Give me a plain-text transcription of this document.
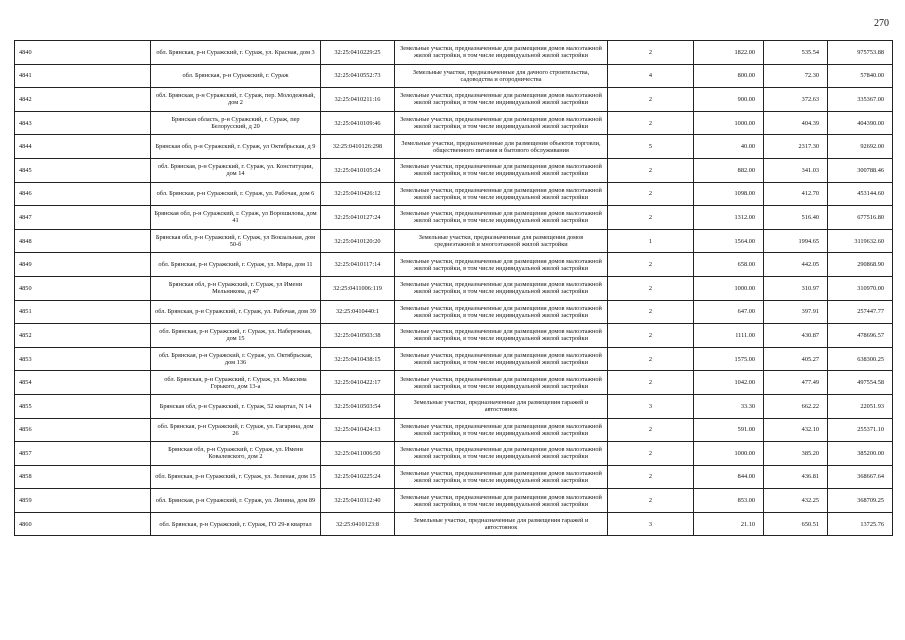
270
4840	обл. Брянская, р-н Суражский, г. Сураж, ул. Красная, дом 3	32:25:0410229:25	Земельные участки, предназначенные для размещения домов малоэтажной жилой застройки, в том числе индивидуальной жилой застройки	2	1822.00	535.54	975753.88
4841	обл. Брянская, р-н Суражский, г. Сураж	32:25:0410552:73	Земельные участки, предназначенные для дачного строительства, садоводства и огородничества	4	800.00	72.30	57840.00
4842	обл. Брянская, р-н Суражский, г. Сураж, пер. Молодежный, дом 2	32:25:0410211:16	Земельные участки, предназначенные для размещения домов малоэтажной жилой застройки, в том числе индивидуальной жилой застройки	2	900.00	372.63	335367.00
4843	Брянская область, р-н Суражский, г. Сураж, пер Белорусский, д 20	32:25:0410109:46	Земельные участки, предназначенные для размещения домов малоэтажной жилой застройки, в том числе индивидуальной жилой застройки	2	1000.00	404.39	404390.00
4844	Брянская обл, р-н Суражский, г. Сураж, ул Октябрьская, д 9	32:25:0410126:298	Земельные участки, предназначенные для размещения объектов торговли, общественного питания и бытового обслуживания	5	40.00	2317.30	92692.00
4845	обл. Брянская, р-н Суражский, г. Сураж, ул. Конституции, дом 14	32:25:0410105:24	Земельные участки, предназначенные для размещения домов малоэтажной жилой застройки, в том числе индивидуальной жилой застройки	2	882.00	341.03	300788.46
4846	обл. Брянская, р-н Суражский, г. Сураж, ул. Рабочая, дом 6	32:25:0410426:12	Земельные участки, предназначенные для размещения домов малоэтажной жилой застройки, в том числе индивидуальной жилой застройки	2	1098.00	412.70	453144.60
4847	Брянская обл, р-н Суражский, г. Сураж, ул Ворошилова, дом 41	32:25:0410127:24	Земельные участки, предназначенные для размещения домов малоэтажной жилой застройки, в том числе индивидуальной жилой застройки	2	1312.00	516.40	677516.80
4848	Брянская обл, р-н Суражский, г. Сураж, ул Вокзальная, дом 50-б	32:25:0410120:20	Земельные участки, предназначенные для размещения домов среднеэтажной и многоэтажной жилой застройки	1	1564.00	1994.65	3119632.60
4849	обл. Брянская, р-н Суражский, г. Сураж, ул. Мира, дом 11	32:25:0410117:14	Земельные участки, предназначенные для размещения домов малоэтажной жилой застройки, в том числе индивидуальной жилой застройки	2	658.00	442.05	290868.90
4850	Брянская обл, р-н Суражский, г. Сураж, ул Имени Мельникова, д 47	32:25:0411006:119	Земельные участки, предназначенные для размещения домов малоэтажной жилой застройки, в том числе индивидуальной жилой застройки	2	1000.00	310.97	310970.00
4851	обл. Брянская, р-н Суражский, г. Сураж, ул. Рабочая, дом 39	32:25:0410440:1	Земельные участки, предназначенные для размещения домов малоэтажной жилой застройки, в том числе индивидуальной жилой застройки	2	647.00	397.91	257447.77
4852	обл. Брянская, р-н Суражский, г. Сураж, ул. Набережная, дом 15	32:25:0410503:38	Земельные участки, предназначенные для размещения домов малоэтажной жилой застройки, в том числе индивидуальной жилой застройки	2	1111.00	430.87	478696.57
4853	обл. Брянская, р-н Суражский, г. Сураж, ул. Октябрьская, дом 136	32:25:0410438:15	Земельные участки, предназначенные для размещения домов малоэтажной жилой застройки, в том числе индивидуальной жилой застройки	2	1575.00	405.27	638300.25
4854	обл. Брянская, р-н Суражский, г. Сураж, ул. Максима Горького, дом 13-а	32:25:0410422:17	Земельные участки, предназначенные для размещения домов малоэтажной жилой застройки, в том числе индивидуальной жилой застройки	2	1042.00	477.49	497554.58
4855	Брянская обл, р-н Суражский, г. Сураж, 52 квартал, N 14	32:25:0410503:54	Земельные участки, предназначенные для размещения гаражей и автостоянок	3	33.30	662.22	22051.93
4856	обл. Брянская, р-н Суражский, г. Сураж, ул. Гагарина, дом 26	32:25:0410424:13	Земельные участки, предназначенные для размещения домов малоэтажной жилой застройки, в том числе индивидуальной жилой застройки	2	591.00	432.10	255371.10
4857	Брянская обл, р-н Суражский, г. Сураж, ул. Имени Ковалевского, дом 2	32:25:0411006:50	Земельные участки, предназначенные для размещения домов малоэтажной жилой застройки, в том числе индивидуальной жилой застройки	2	1000.00	385.20	385200.00
4858	обл. Брянская, р-н Суражский, г. Сураж, ул. Зеленая, дом 15	32:25:0410225:24	Земельные участки, предназначенные для размещения домов малоэтажной жилой застройки, в том числе индивидуальной жилой застройки	2	844.00	436.81	368667.64
4859	обл. Брянская, р-н Суражский, г. Сураж, ул. Ленина, дом 89	32:25:0410312:40	Земельные участки, предназначенные для размещения домов малоэтажной жилой застройки, в том числе индивидуальной жилой застройки	2	853.00	432.25	368709.25
4860	обл. Брянская, р-н Суражский, г. Сураж, ГО 29-в квартал	32:25:0410123:8	Земельные участки, предназначенные для размещения гаражей и автостоянок	3	21.10	650.51	13725.76
